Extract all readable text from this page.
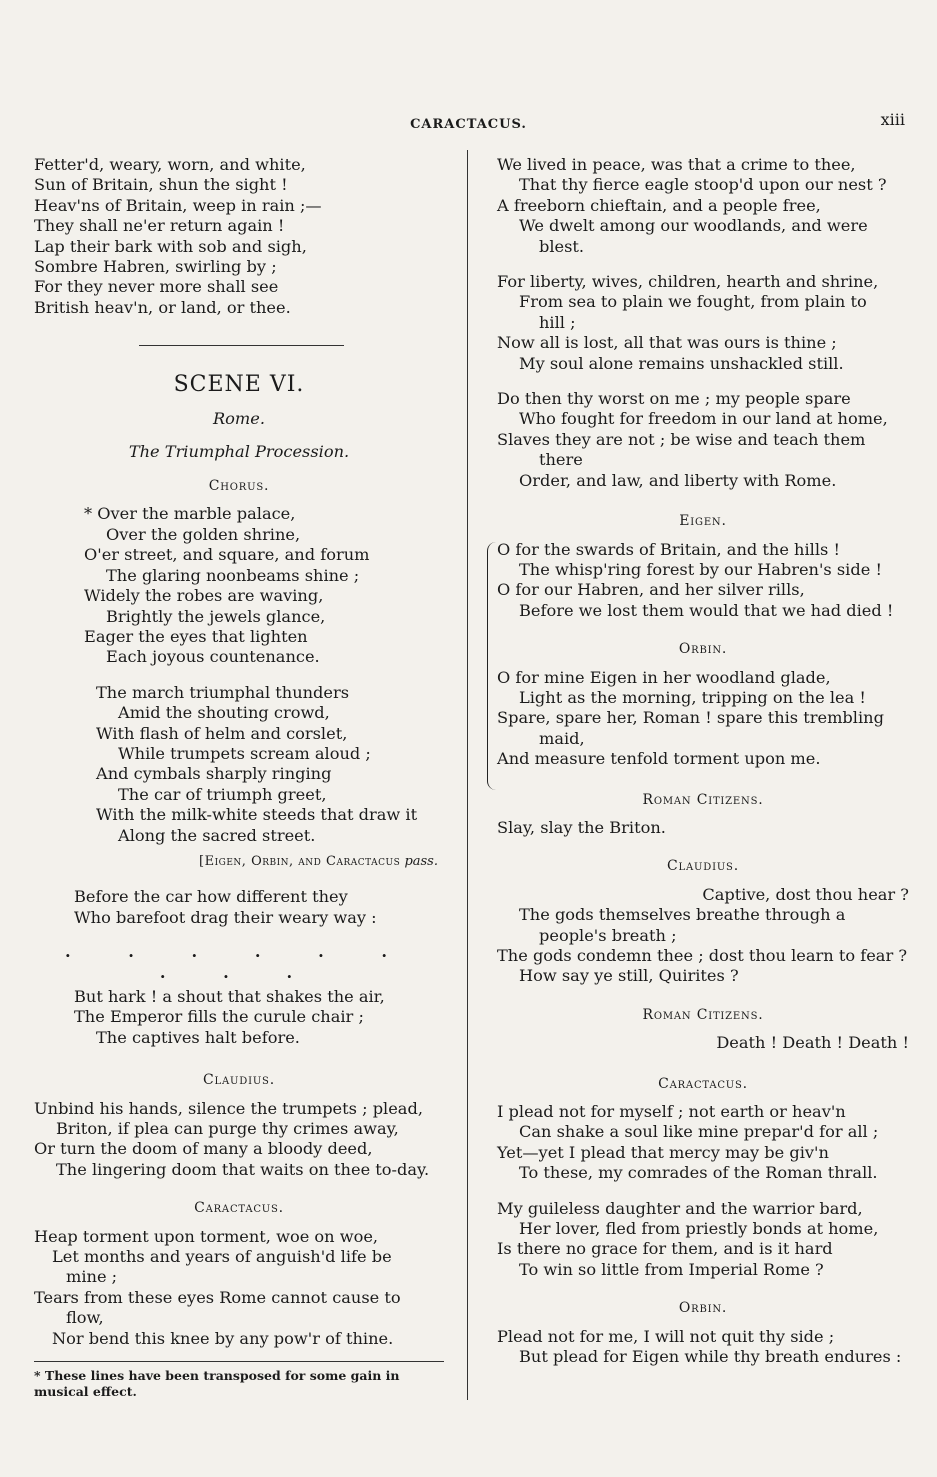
CARACTACUS.	xiii
Fetter'd, weary, worn, and white,
Sun of Britain, shun the sight !
Heav'ns of Britain, weep in rain ;—
They shall ne'er return again !
Lap their bark with sob and sigh,
Sombre Habren, swirling by ;
For they never more shall see
British heav'n, or land, or thee.
SCENE VI.
Rome.
The Triumphal Procession.
Chorus.
* Over the marble palace,
Over the golden shrine,
O'er street, and square, and forum
The glaring noonbeams shine ;
Widely the robes are waving,
Brightly the jewels glance,
Eager the eyes that lighten
Each joyous countenance.
The march triumphal thunders
Amid the shouting crowd,
With flash of helm and corslet,
While trumpets scream aloud ;
And cymbals sharply ringing
The car of triumph greet,
With the milk-white steeds that draw it
Along the sacred street.
[Eigen, Orbin, and Caractacus pass.
Before the car how different they
Who barefoot drag their weary way :
. . . . . . . . .
But hark ! a shout that shakes the air,
The Emperor fills the curule chair ;
The captives halt before.
Claudius.
Unbind his hands, silence the trumpets ; plead,
Briton, if plea can purge thy crimes away,
Or turn the doom of many a bloody deed,
The lingering doom that waits on thee to-day.
Caractacus.
Heap torment upon torment, woe on woe,
Let months and years of anguish'd life be
mine ;
Tears from these eyes Rome cannot cause to
flow,
Nor bend this knee by any pow'r of thine.
* These lines have been transposed for some gain in musical effect.
We lived in peace, was that a crime to thee,
That thy fierce eagle stoop'd upon our nest ?
A freeborn chieftain, and a people free,
We dwelt among our woodlands, and were
blest.
For liberty, wives, children, hearth and shrine,
From sea to plain we fought, from plain to
hill ;
Now all is lost, all that was ours is thine ;
My soul alone remains unshackled still.
Do then thy worst on me ; my people spare
Who fought for freedom in our land at home,
Slaves they are not ; be wise and teach them
there
Order, and law, and liberty with Rome.
Eigen.
O for the swards of Britain, and the hills !
The whisp'ring forest by our Habren's side !
O for our Habren, and her silver rills,
Before we lost them would that we had died !
Orbin.
O for mine Eigen in her woodland glade,
Light as the morning, tripping on the lea !
Spare, spare her, Roman ! spare this trembling
maid,
And measure tenfold torment upon me.
Roman Citizens.
Slay, slay the Briton.
Claudius.
Captive, dost thou hear ?
The gods themselves breathe through a
people's breath ;
The gods condemn thee ; dost thou learn to fear ?
How say ye still, Quirites ?
Roman Citizens.
Death ! Death ! Death !
Caractacus.
I plead not for myself ; not earth or heav'n
Can shake a soul like mine prepar'd for all ;
Yet—yet I plead that mercy may be giv'n
To these, my comrades of the Roman thrall.
My guileless daughter and the warrior bard,
Her lover, fled from priestly bonds at home,
Is there no grace for them, and is it hard
To win so little from Imperial Rome ?
Orbin.
Plead not for me, I will not quit thy side ;
But plead for Eigen while thy breath endures :
